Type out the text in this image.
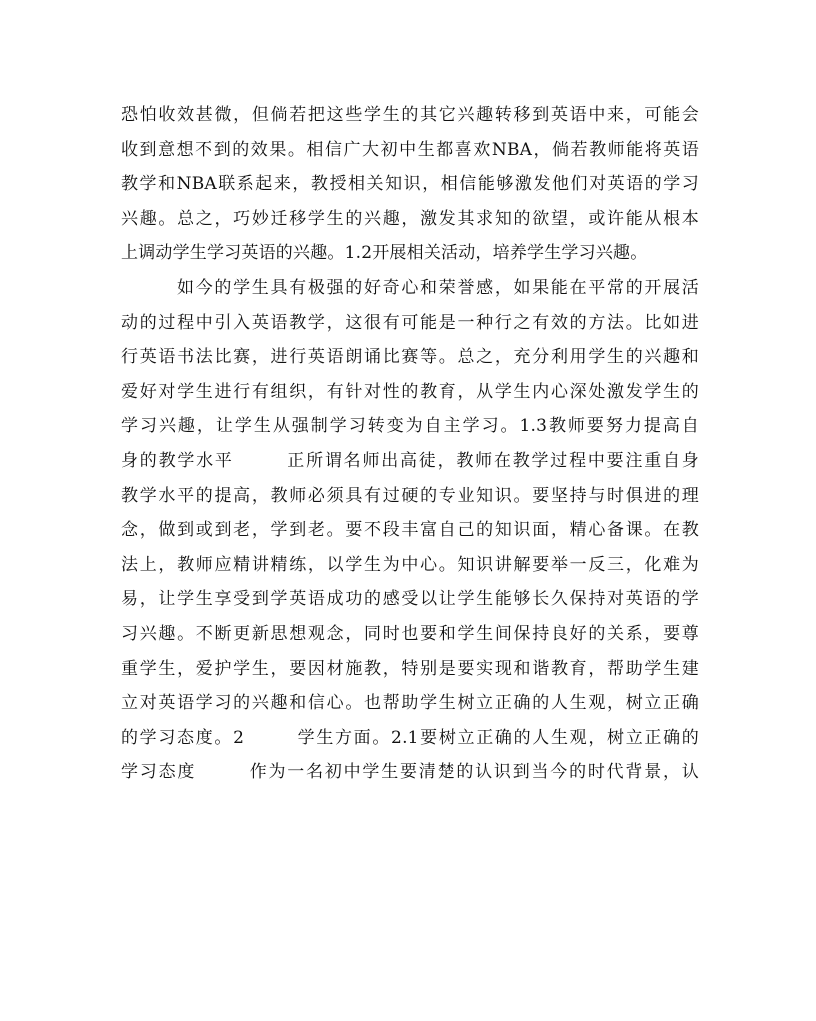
恐怕收效甚微，但倘若把这些学生的其它兴趣转移到英语中来，可能会
收到意想不到的效果。相信广大初中生都喜欢NBA，倘若教师能将英语
教学和NBA联系起来，教授相关知识，相信能够激发他们对英语的学习
兴趣。总之，巧妙迁移学生的兴趣，激发其求知的欲望，或许能从根本
上调动学生学习英语的兴趣。1.2开展相关活动，培养学生学习兴趣。
如今的学生具有极强的好奇心和荣誉感，如果能在平常的开展活
动的过程中引入英语教学，这很有可能是一种行之有效的方法。比如进
行英语书法比赛，进行英语朗诵比赛等。总之，充分利用学生的兴趣和
爱好对学生进行有组织，有针对性的教育，从学生内心深处激发学生的
学习兴趣，让学生从强制学习转变为自主学习。1.3教师要努力提高自
身的教学水平	正所谓名师出高徒，教师在教学过程中要注重自身
教学水平的提高，教师必须具有过硬的专业知识。要坚持与时俱进的理
念，做到或到老，学到老。要不段丰富自己的知识面，精心备课。在教
法上，教师应精讲精练，以学生为中心。知识讲解要举一反三，化难为
易，让学生享受到学英语成功的感受以让学生能够长久保持对英语的学
习兴趣。不断更新思想观念，同时也要和学生间保持良好的关系，要尊
重学生，爱护学生，要因材施教，特别是要实现和谐教育，帮助学生建
立对英语学习的兴趣和信心。也帮助学生树立正确的人生观，树立正确
的学习态度。2	学生方面。2.1要树立正确的人生观，树立正确的
学习态度	作为一名初中学生要清楚的认识到当今的时代背景，认
